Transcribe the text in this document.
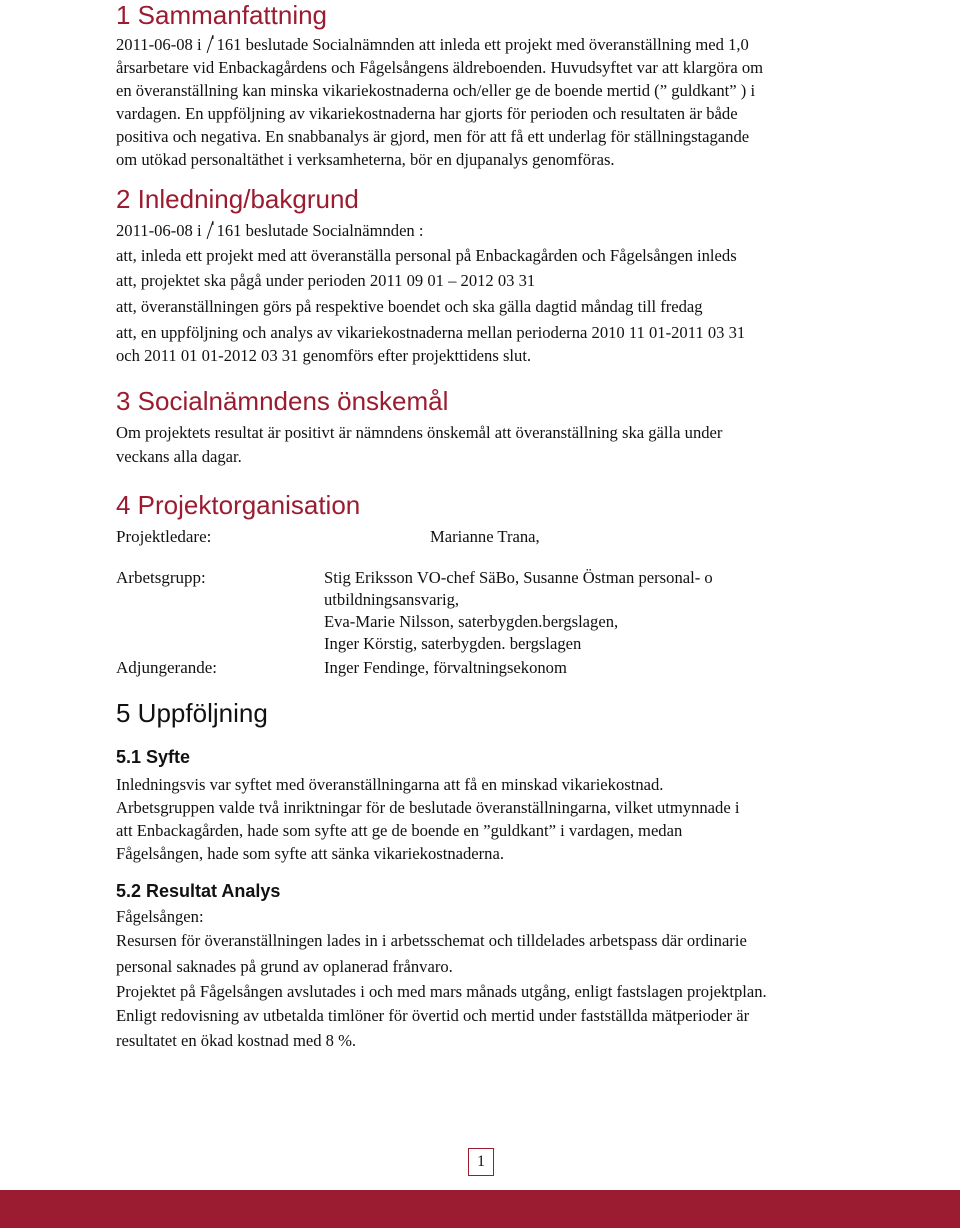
1 Sammanfattning
2011-06-08 i 161 beslutade Socialnämnden att inleda ett projekt med överanställning med 1,0
årsarbetare vid Enbackagårdens och Fågelsångens äldreboenden. Huvudsyftet var att klargöra om
en överanställning kan minska vikariekostnaderna och/eller ge de boende mertid (” guldkant” ) i
vardagen. En uppföljning av vikariekostnaderna har gjorts för perioden och resultaten är både
positiva och negativa. En snabbanalys är gjord, men för att få ett underlag för ställningstagande
om utökad personaltäthet i verksamheterna, bör en djupanalys genomföras.
2 Inledning/bakgrund
2011-06-08 i 161 beslutade Socialnämnden :
att, inleda ett projekt med att överanställa personal på Enbackagården och Fågelsången inleds
att, projektet ska pågå under perioden 2011 09 01 – 2012 03 31
att, överanställningen görs på respektive boendet och ska gälla dagtid måndag till fredag
att, en uppföljning och analys av vikariekostnaderna mellan perioderna 2010 11 01-2011 03 31
och 2011 01 01-2012 03 31 genomförs efter projekttidens slut.
3 Socialnämndens önskemål
Om projektets resultat är positivt är nämndens önskemål att överanställning ska gälla under
veckans alla dagar.
4 Projektorganisation
Projektledare:	Marianne Trana,
Arbetsgrupp:	Stig Eriksson VO-chef SäBo, Susanne Östman personal- o
utbildningsansvarig,
Eva-Marie Nilsson, saterbygden.bergslagen,
Inger Körstig, saterbygden. bergslagen
Adjungerande:	Inger Fendinge, förvaltningsekonom
5 Uppföljning
5.1 Syfte
Inledningsvis var syftet med överanställningarna att få en minskad vikariekostnad.
Arbetsgruppen valde två inriktningar för de beslutade överanställningarna, vilket utmynnade i
att Enbackagården, hade som syfte att ge de boende en ”guldkant” i vardagen, medan
Fågelsången, hade som syfte att sänka vikariekostnaderna.
5.2 Resultat Analys
Fågelsången:
Resursen för överanställningen lades in i arbetsschemat och tilldelades arbetspass där ordinarie
personal saknades på grund av oplanerad frånvaro.
Projektet på Fågelsången avslutades i och med mars månads utgång, enligt fastslagen projektplan.
Enligt redovisning av utbetalda timlöner för övertid och mertid under fastställda mätperioder är
resultatet en ökad kostnad med 8 %.
1
